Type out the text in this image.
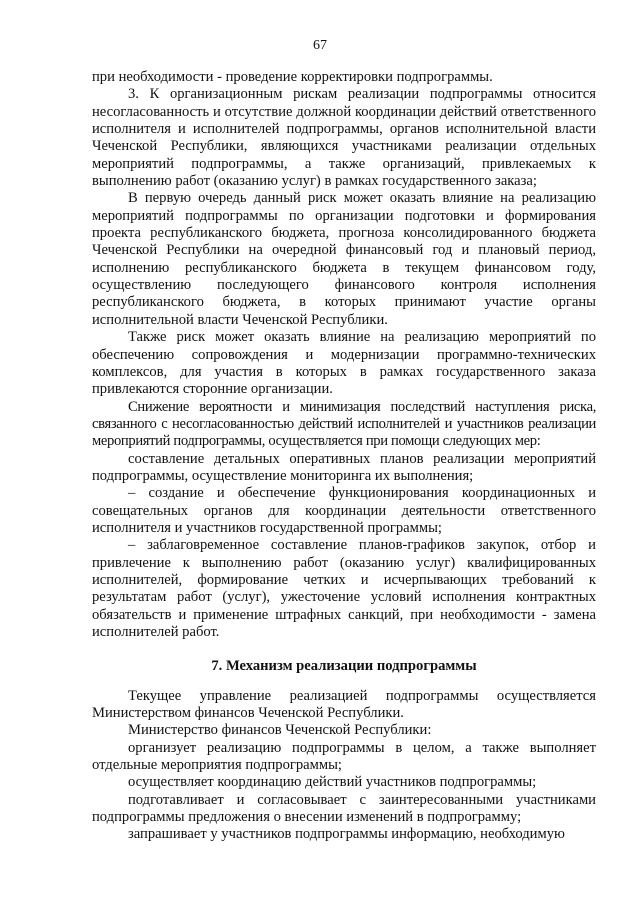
67

при необходимости - проведение корректировки подпрограммы.

3. К организационным рискам реализации подпрограммы относится несогласованность и отсутствие должной координации действий ответственного исполнителя и исполнителей подпрограммы, органов исполнительной власти Чеченской Республики, являющихся участниками реализации отдельных мероприятий подпрограммы, а также организаций, привлекаемых к выполнению работ (оказанию услуг) в рамках государственного заказа;

В первую очередь данный риск может оказать влияние на реализацию мероприятий подпрограммы по организации подготовки и формирования проекта республиканского бюджета, прогноза консолидированного бюджета Чеченской Республики на очередной финансовый год и плановый период, исполнению республиканского бюджета в текущем финансовом году, осуществлению последующего финансового контроля исполнения республиканского бюджета, в которых принимают участие органы исполнительной власти Чеченской Республики.

Также риск может оказать влияние на реализацию мероприятий по обеспечению сопровождения и модернизации программно-технических комплексов, для участия в которых в рамках государственного заказа привлекаются сторонние организации.

Снижение вероятности и минимизация последствий наступления риска, связанного с несогласованностью действий исполнителей и участников реализации мероприятий подпрограммы, осуществляется при помощи следующих мер:

составление детальных оперативных планов реализации мероприятий подпрограммы, осуществление мониторинга их выполнения;

– создание и обеспечение функционирования координационных и совещательных органов для координации деятельности ответственного исполнителя и участников государственной программы;

– заблаговременное составление планов-графиков закупок, отбор и привлечение к выполнению работ (оказанию услуг) квалифицированных исполнителей, формирование четких и исчерпывающих требований к результатам работ (услуг), ужесточение условий исполнения контрактных обязательств и применение штрафных санкций, при необходимости - замена исполнителей работ.

7. Механизм реализации подпрограммы

Текущее управление реализацией подпрограммы осуществляется Министерством финансов Чеченской Республики.

Министерство финансов Чеченской Республики:

организует реализацию подпрограммы в целом, а также выполняет отдельные мероприятия подпрограммы;

осуществляет координацию действий участников подпрограммы;

подготавливает и согласовывает с заинтересованными участниками подпрограммы предложения о внесении изменений в подпрограмму;

запрашивает у участников подпрограммы информацию, необходимую
